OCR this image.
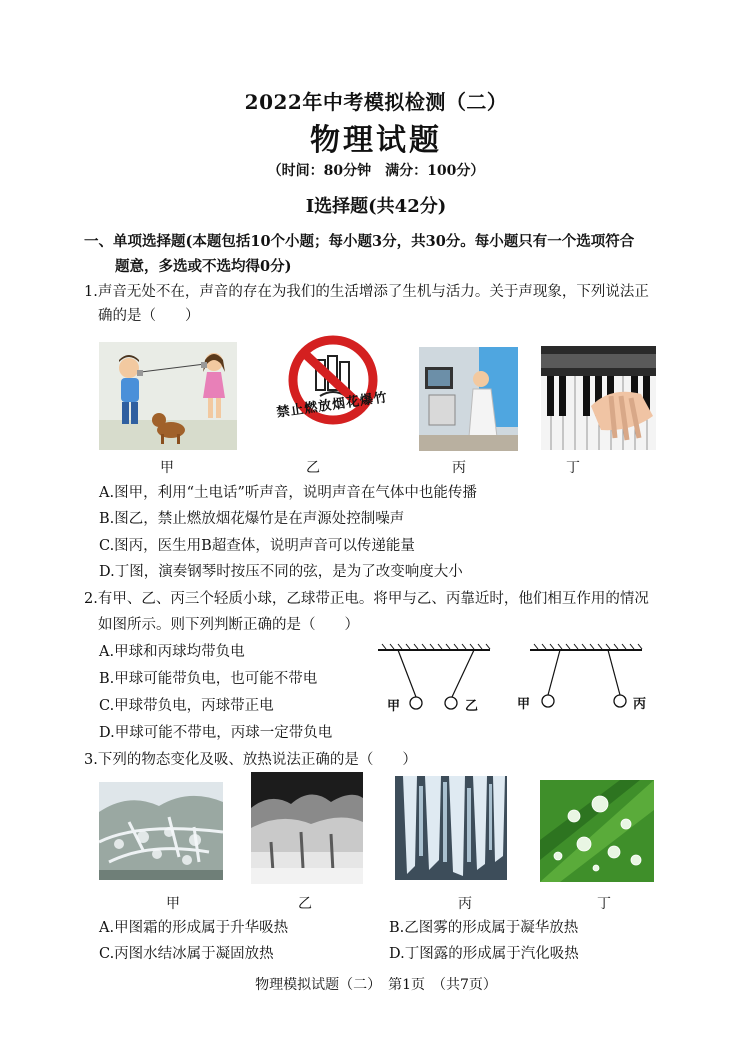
2022年中考模拟检测（二）
物理试题
（时间：80分钟　满分：100分）
Ⅰ选择题(共42分)
一、单项选择题(本题包括10个小题；每小题3分，共30分。每小题只有一个选项符合
题意，多选或不选均得0分)
1.声音无处不在，声音的存在为我们的生活增添了生机与活力。关于声现象，下列说法正
确的是（　　）
禁止燃放烟花爆竹
甲	乙	丙	丁
A.图甲，利用“土电话”听声音，说明声音在气体中也能传播
B.图乙，禁止燃放烟花爆竹是在声源处控制噪声
C.图丙，医生用B超查体，说明声音可以传递能量
D.丁图，演奏钢琴时按压不同的弦，是为了改变响度大小
2.有甲、乙、丙三个轻质小球，乙球带正电。将甲与乙、丙靠近时，他们相互作用的情况
如图所示。则下列判断正确的是（　　）
A.甲球和丙球均带负电
B.甲球可能带负电，也可能不带电
C.甲球带负电，丙球带正电
D.甲球可能不带电，丙球一定带负电
甲	乙	甲	丙
3.下列的物态变化及吸、放热说法正确的是（　　）
甲	乙	丙	丁
A.甲图霜的形成属于升华吸热	B.乙图雾的形成属于凝华放热
C.丙图水结冰属于凝固放热	D.丁图露的形成属于汽化吸热
物理模拟试题（二）　第1页　（共7页）
